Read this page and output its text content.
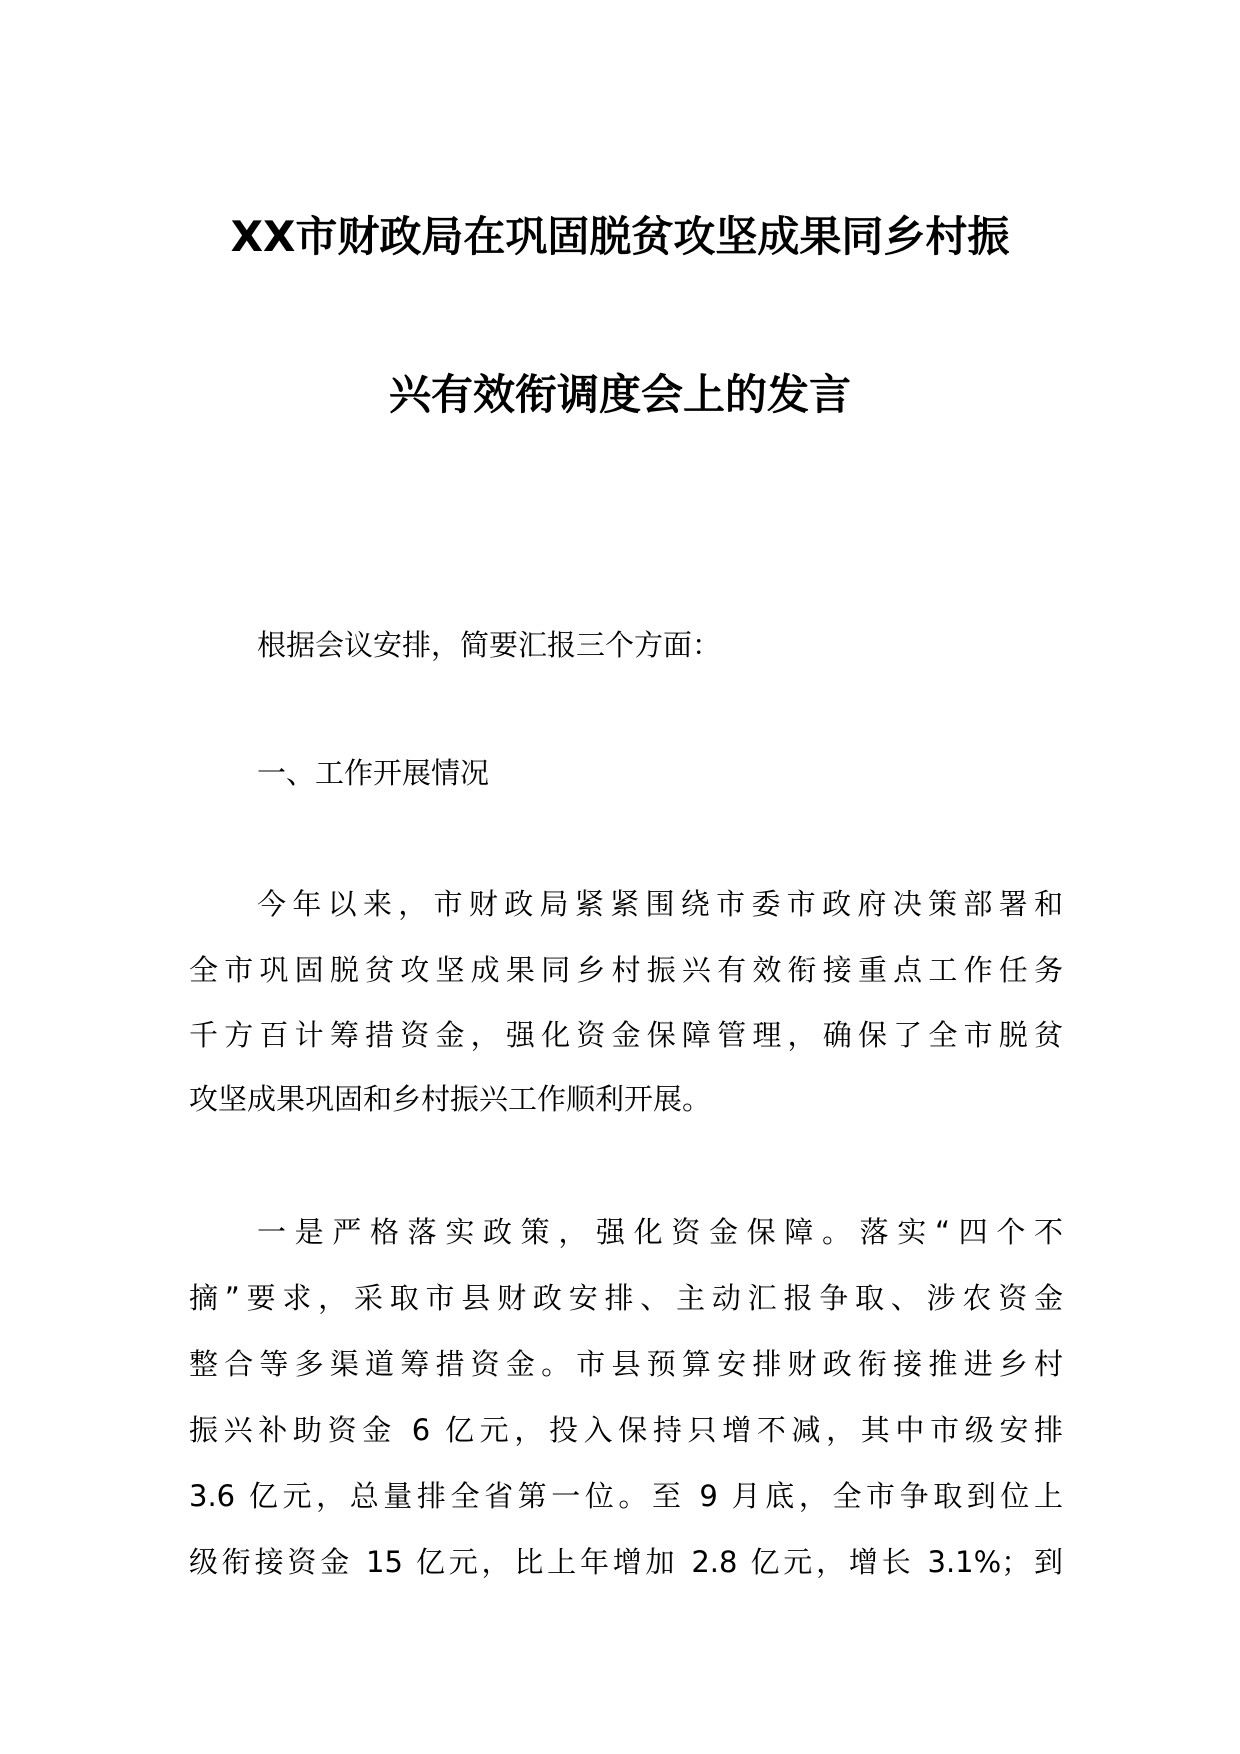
XX市财政局在巩固脱贫攻坚成果同乡村振
兴有效衔调度会上的发言
根据会议安排，简要汇报三个方面：
一、工作开展情况
今年以来，市财政局紧紧围绕市委市政府决策部署和
全市巩固脱贫攻坚成果同乡村振兴有效衔接重点工作任务
千方百计筹措资金，强化资金保障管理，确保了全市脱贫
攻坚成果巩固和乡村振兴工作顺利开展。
一是严格落实政策，强化资金保障。落实“四个不
摘”要求，采取市县财政安排、主动汇报争取、涉农资金
整合等多渠道筹措资金。市县预算安排财政衔接推进乡村
振兴补助资金 6 亿元，投入保持只增不减，其中市级安排
3.6 亿元，总量排全省第一位。至 9 月底，全市争取到位上
级衔接资金 15 亿元，比上年增加 2.8 亿元，增长 3.1%；到
